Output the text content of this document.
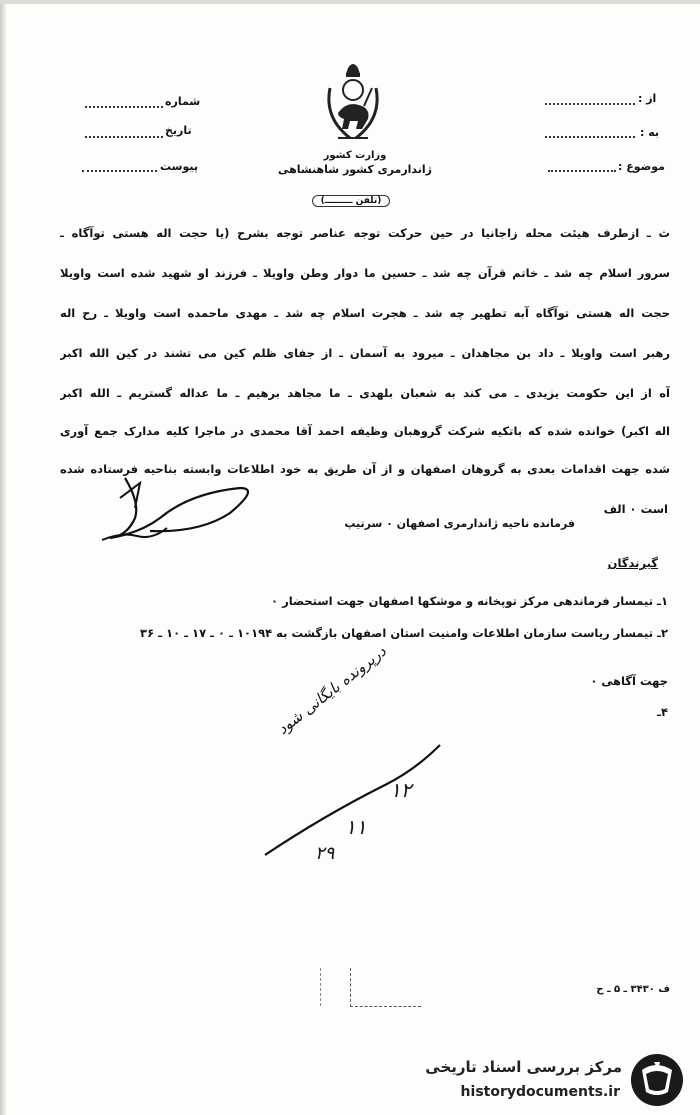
شماره
تاریخ
پیوست
از :
به :
موضوع :
وزارت کشور
ژاندارمری کشور شاهنشاهی
(تلفن ـــــــــ)
ث ـ ازطرف هیئت محله زاجانیا در حین حرکت توجه عناصر توجه بشرح (یا حجت اله هستی توآگاه ـ
سرور اسلام چه شد ـ خاتم قرآن چه شد ـ حسین ما دوار وطن واویلا ـ فرزند او شهید شده است واویلا
حجت اله هستی توآگاه آبه تطهیر چه شد ـ هجرت اسلام چه شد ـ مهدی ماحمده است واویلا ـ رح اله
رهبر است واویلا ـ داد بن مجاهدان ـ میرود به آسمان ـ از جفای ظلم کین می تشند در کین الله اکبر
آه از این حکومت یزیدی ـ می کند به شعبان بلهدی ـ ما مجاهد برهیم ـ ما عداله گستریم ـ الله اکبر
اله اکبر) خوانده شده که باتکیه شرکت گروهبان وظیفه احمد آقا محمدی در ماجرا کلیه مدارک جمع آوری
شده جهت اقدامات بعدی به گروهان اصفهان و از آن طریق به خود اطلاعات وابسته بناحیه فرستاده شده
است ۰ الف
فرمانده ناحیه ژاندارمری اصفهان ۰ سرتیپ
گیرندگان
۱ـ تیمسار فرماندهی مرکز توپخانه و موشکها اصفهان جهت استحضار ۰
۲ـ تیمسار ریاست سازمان اطلاعات وامنیت استان اصفهان بازگشت به ۱۰۱۹۴ ـ ۰ ـ ۱۷ ـ ۱۰ ـ ۳۶
جهت آگاهی ۰
۴ـ
درپرونده بایگانی شود
۱۲
۱۱
۲۹
ف ۳۴۳۰ ـ ۵ ـ ح
مرکز بررسی اسناد تاریخی
historydocuments.ir
